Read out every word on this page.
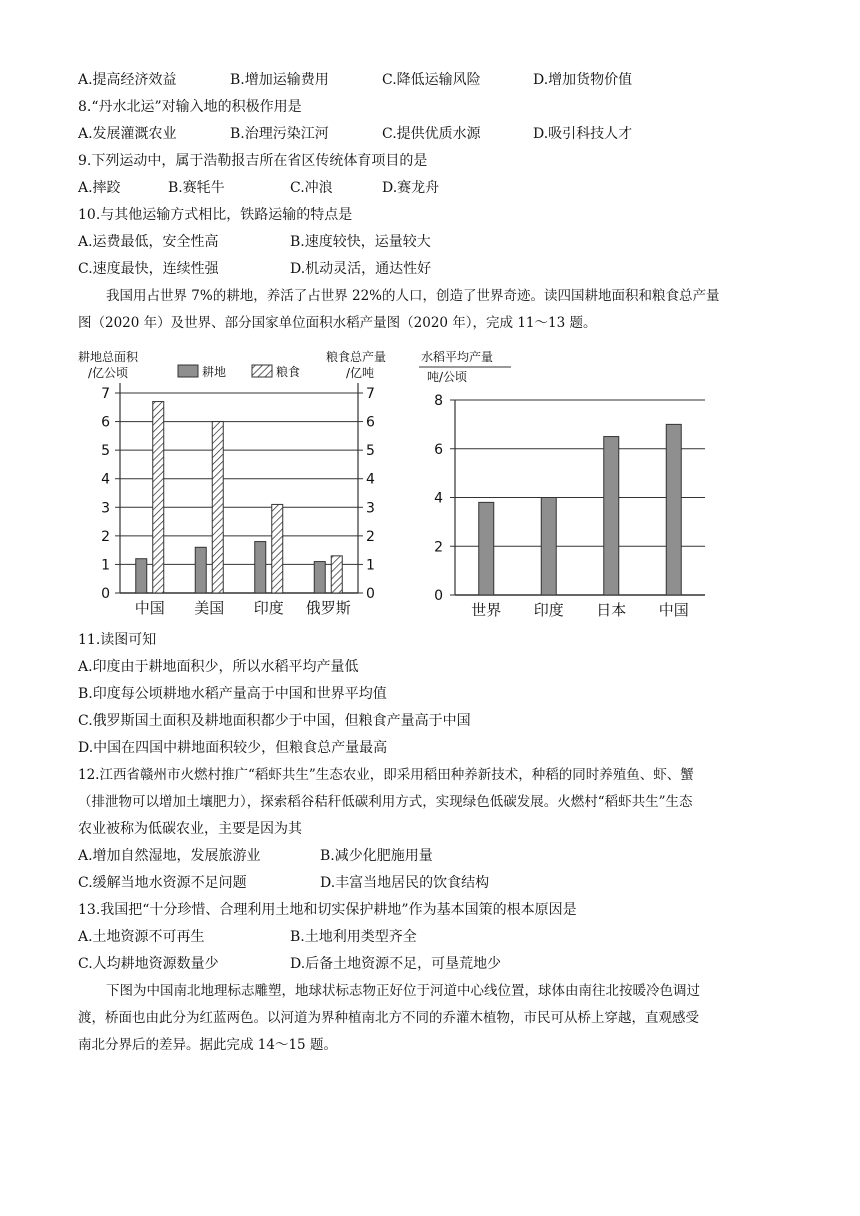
A.提高经济效益	B.增加运输费用	C.降低运输风险	D.增加货物价值
8.“丹水北运”对输入地的积极作用是
A.发展灌溉农业	B.治理污染江河	C.提供优质水源	D.吸引科技人才
9.下列运动中，属于浩勒报吉所在省区传统体育项目的是
A.摔跤	B.赛牦牛	C.冲浪	D.赛龙舟
10.与其他运输方式相比，铁路运输的特点是
A.运费最低，安全性高	B.速度较快，运量较大
C.速度最快，连续性强	D.机动灵活，通达性好
我国用占世界 7%的耕地，养活了占世界 22%的人口，创造了世界奇迹。读四国耕地面积和粮食总产量
图（2020 年）及世界、部分国家单位面积水稻产量图（2020 年），完成 11～13 题。
耕地总面积
/亿公顷
粮食总产量
/亿吨
耕地	粮食
0	0
1	1
2	2
3	3
4	4
5	5
6	6
7	7
中国 美国 印度 俄罗斯
水稻平均产量
吨/公顷
0
2
4
6
8
世界 印度 日本 中国
11.读图可知
A.印度由于耕地面积少，所以水稻平均产量低
B.印度每公顷耕地水稻产量高于中国和世界平均值
C.俄罗斯国土面积及耕地面积都少于中国，但粮食产量高于中国
D.中国在四国中耕地面积较少，但粮食总产量最高
12.江西省赣州市火燃村推广“稻虾共生”生态农业，即采用稻田种养新技术，种稻的同时养殖鱼、虾、蟹
（排泄物可以增加土壤肥力），探索稻谷秸秆低碳利用方式，实现绿色低碳发展。火燃村“稻虾共生”生态
农业被称为低碳农业，主要是因为其
A.增加自然湿地，发展旅游业	B.减少化肥施用量
C.缓解当地水资源不足问题	D.丰富当地居民的饮食结构
13.我国把“十分珍惜、合理利用土地和切实保护耕地”作为基本国策的根本原因是
A.土地资源不可再生	B.土地利用类型齐全
C.人均耕地资源数量少	D.后备土地资源不足，可垦荒地少
下图为中国南北地理标志雕塑，地球状标志物正好位于河道中心线位置，球体由南往北按暖冷色调过
渡，桥面也由此分为红蓝两色。以河道为界种植南北方不同的乔灌木植物，市民可从桥上穿越，直观感受
南北分界后的差异。据此完成 14～15 题。
